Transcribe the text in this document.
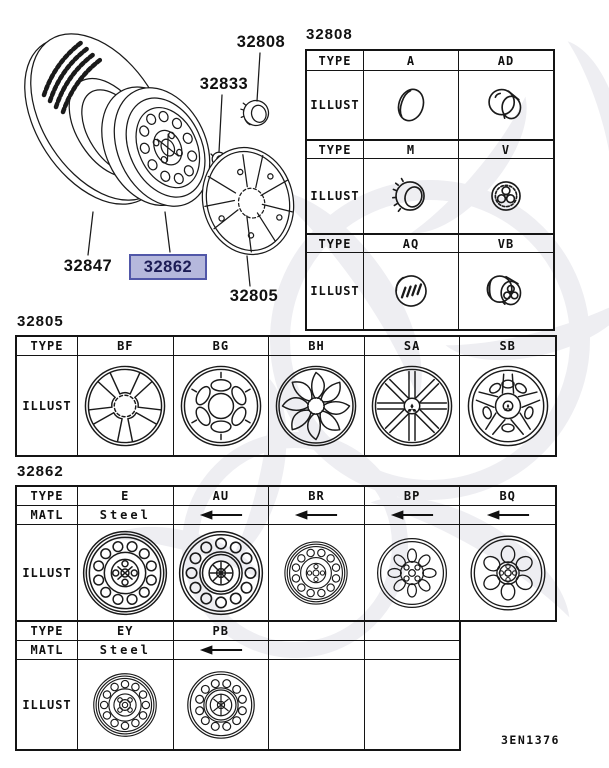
32808
32833
32847	32862
32805
32808
TYPE	A	AD
ILLUST
TYPE	M	V
ILLUST
TYPE	AQ	VB
ILLUST
32805
TYPE	BF	BG	BH	SA	SB
ILLUST
32862
TYPE	E	AU	BR	BP	BQ
MATL	Steel
ILLUST
TYPE	EY	PB
MATL	Steel
ILLUST
3EN1376
